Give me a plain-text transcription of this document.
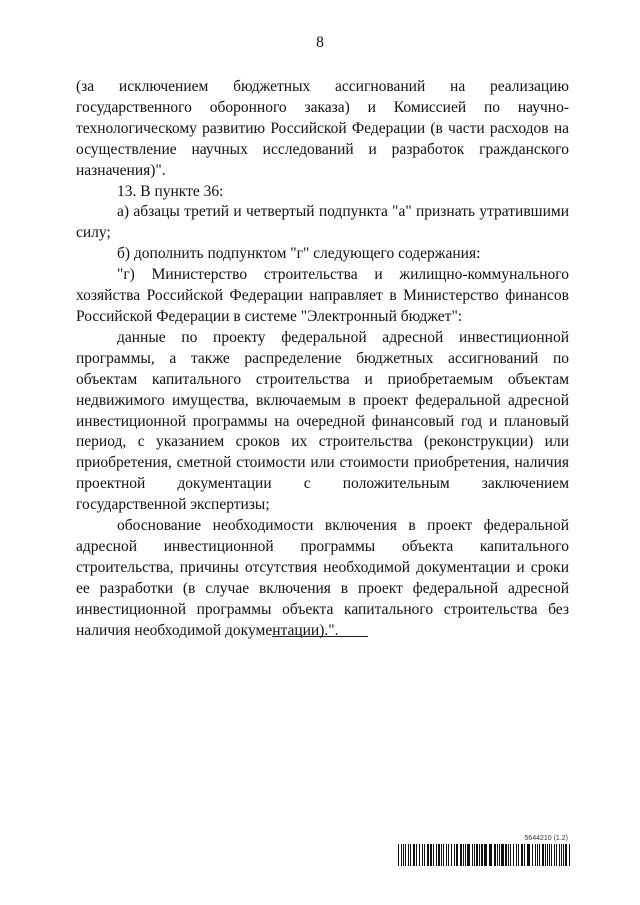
8

(за исключением бюджетных ассигнований на реализацию государственного оборонного заказа) и Комиссией по научно-технологическому развитию Российской Федерации (в части расходов на осуществление научных исследований и разработок гражданского назначения)".

13. В пункте 36:

а) абзацы третий и четвертый подпункта "а" признать утратившими силу;

б) дополнить подпунктом "г" следующего содержания:

"г) Министерство строительства и жилищно-коммунального хозяйства Российской Федерации направляет в Министерство финансов Российской Федерации в системе "Электронный бюджет":

данные по проекту федеральной адресной инвестиционной программы, а также распределение бюджетных ассигнований по объектам капитального строительства и приобретаемым объектам недвижимого имущества, включаемым в проект федеральной адресной инвестиционной программы на очередной финансовый год и плановый период, с указанием сроков их строительства (реконструкции) или приобретения, сметной стоимости или стоимости приобретения, наличия проектной документации с положительным заключением государственной экспертизы;

обоснование необходимости включения в проект федеральной адресной инвестиционной программы объекта капитального строительства, причины отсутствия необходимой документации и сроки ее разработки (в случае включения в проект федеральной адресной инвестиционной программы объекта капитального строительства без наличия необходимой документации).".

5644210 (1.2)
